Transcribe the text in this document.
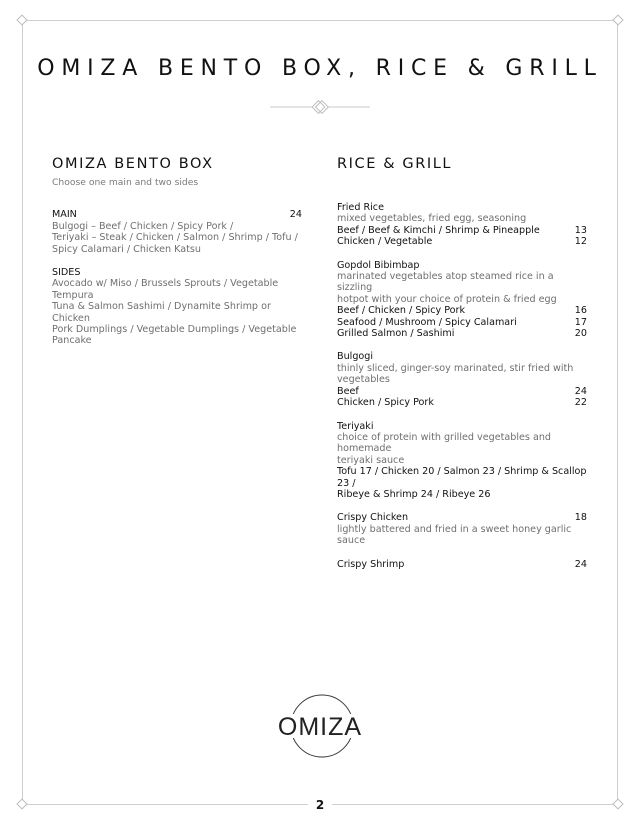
OMIZA BENTO BOX, RICE & GRILL
OMIZA BENTO BOX
Choose one main and two sides
MAIN	24
Bulgogi – Beef / Chicken / Spicy Pork /
Teriyaki – Steak / Chicken / Salmon / Shrimp / Tofu /
Spicy Calamari / Chicken Katsu
SIDES
Avocado w/ Miso / Brussels Sprouts / Vegetable Tempura
Tuna & Salmon Sashimi / Dynamite Shrimp or Chicken
Pork Dumplings / Vegetable Dumplings / Vegetable
Pancake
RICE & GRILL
Fried Rice
mixed vegetables, fried egg, seasoning
Beef / Beef & Kimchi / Shrimp & Pineapple	13
Chicken / Vegetable	12
Gopdol Bibimbap
marinated vegetables atop steamed rice in a sizzling
hotpot with your choice of protein & fried egg
Beef / Chicken / Spicy Pork	16
Seafood / Mushroom / Spicy Calamari	17
Grilled Salmon / Sashimi	20
Bulgogi
thinly sliced, ginger-soy marinated, stir fried with
vegetables
Beef	24
Chicken / Spicy Pork	22
Teriyaki
choice of protein with grilled vegetables and homemade
teriyaki sauce
Tofu 17 / Chicken 20 / Salmon 23 / Shrimp & Scallop 23 /
Ribeye & Shrimp 24 / Ribeye 26
Crispy Chicken	18
lightly battered and fried in a sweet honey garlic sauce
Crispy Shrimp	24
OMIZA
2
